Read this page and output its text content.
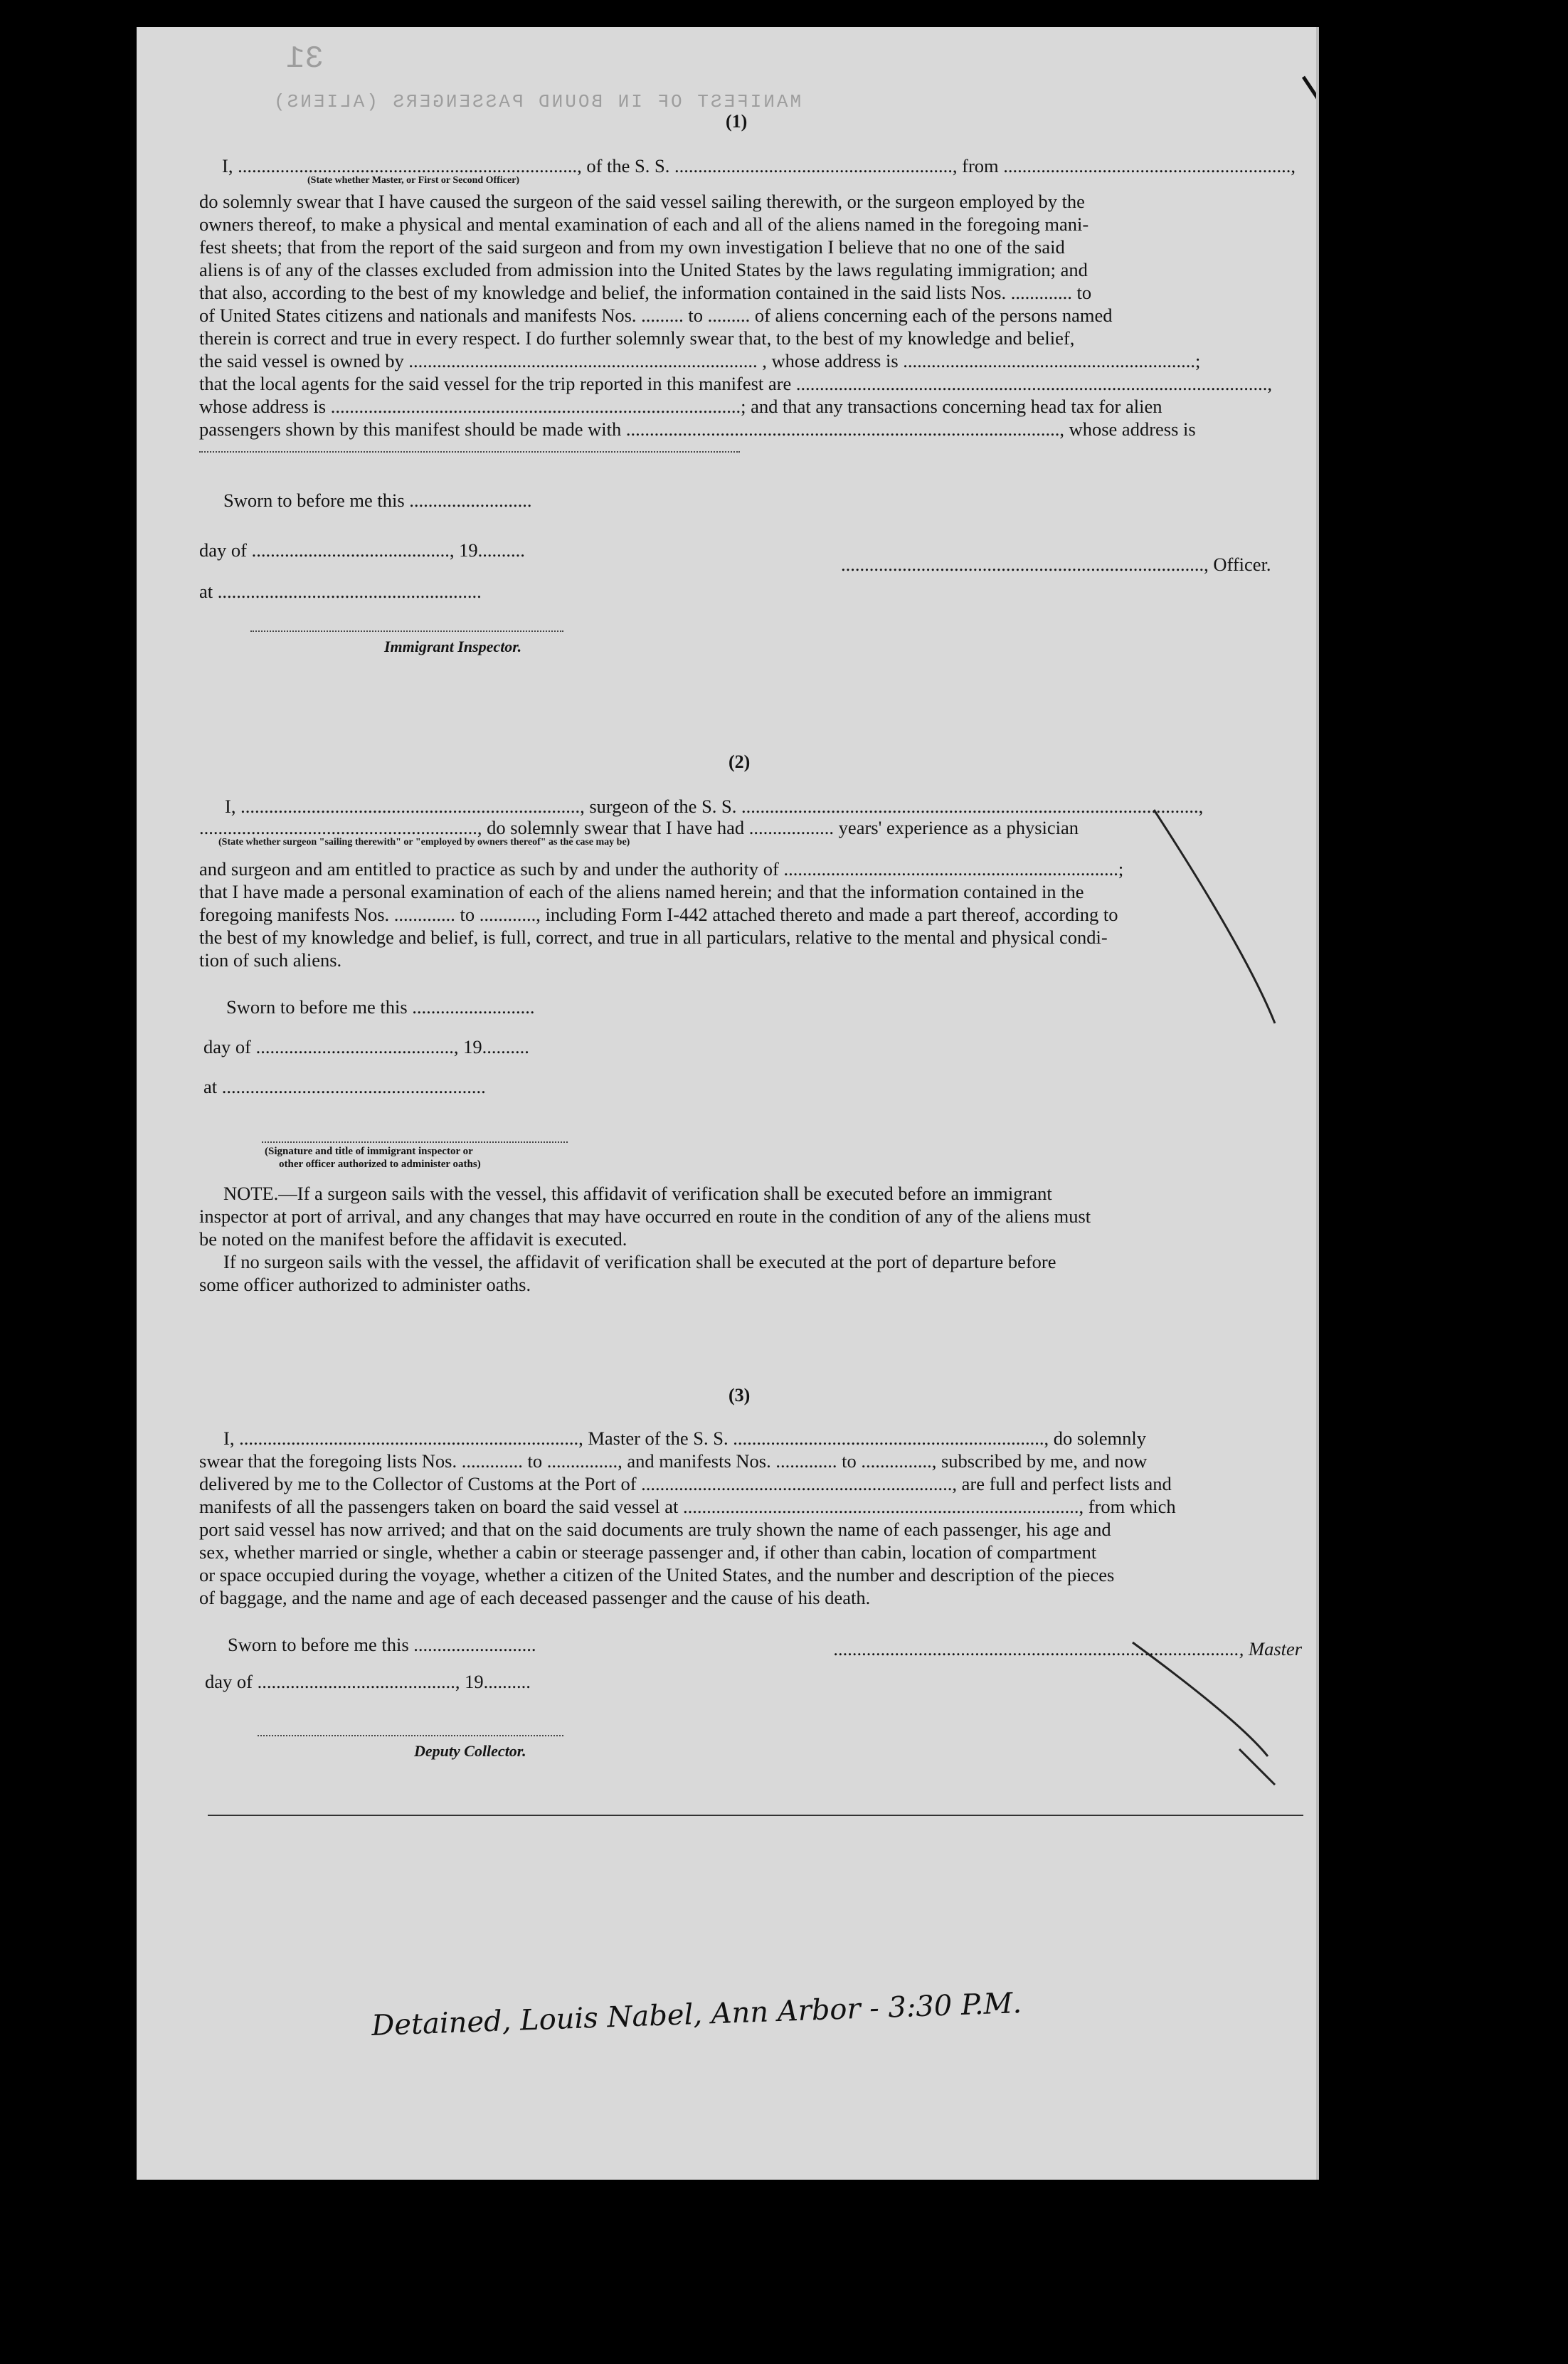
31
MANIFEST OF IN BOUND PASSENGERS (ALIENS)
(1)
I, ........................................................................, of the S. S. ..........................................................., from .............................................................,
(State whether Master, or First or Second Officer)
do solemnly swear that I have caused the surgeon of the said vessel sailing therewith, or the surgeon employed by the
owners thereof, to make a physical and mental examination of each and all of the aliens named in the foregoing mani-
fest sheets; that from the report of the said surgeon and from my own investigation I believe that no one of the said
aliens is of any of the classes excluded from admission into the United States by the laws regulating immigration; and
that also, according to the best of my knowledge and belief, the information contained in the said lists Nos. ............. to
of United States citizens and nationals and manifests Nos. ......... to ......... of aliens concerning each of the persons named
therein is correct and true in every respect. I do further solemnly swear that, to the best of my knowledge and belief,
the said vessel is owned by .......................................................................... , whose address is ..............................................................;
that the local agents for the said vessel for the trip reported in this manifest are ....................................................................................................,
whose address is .......................................................................................; and that any transactions concerning head tax for alien
passengers shown by this manifest should be made with ............................................................................................, whose address is
Sworn to before me this ..........................
day of .........................................., 19..........
............................................................................., Officer.
at ........................................................
Immigrant Inspector.
(2)
I, ........................................................................, surgeon of the S. S. .................................................................................................,
..........................................................., do solemnly swear that I have had .................. years' experience as a physician
(State whether surgeon "sailing therewith" or "employed by owners thereof" as the case may be)
and surgeon and am entitled to practice as such by and under the authority of .......................................................................;
that I have made a personal examination of each of the aliens named herein; and that the information contained in the
foregoing manifests Nos. ............. to ............, including Form I-442 attached thereto and made a part thereof, according to
the best of my knowledge and belief, is full, correct, and true in all particulars, relative to the mental and physical condi-
tion of such aliens.
Sworn to before me this ..........................
day of .........................................., 19..........
at ........................................................
(Signature and title of immigrant inspector or
other officer authorized to administer oaths)
NOTE.—If a surgeon sails with the vessel, this affidavit of verification shall be executed before an immigrant
inspector at port of arrival, and any changes that may have occurred en route in the condition of any of the aliens must
be noted on the manifest before the affidavit is executed.
If no surgeon sails with the vessel, the affidavit of verification shall be executed at the port of departure before
some officer authorized to administer oaths.
(3)
I, ........................................................................, Master of the S. S. .................................................................., do solemnly
swear that the foregoing lists Nos. ............. to ..............., and manifests Nos. ............. to ..............., subscribed by me, and now
delivered by me to the Collector of Customs at the Port of .................................................................., are full and perfect lists and
manifests of all the passengers taken on board the said vessel at ...................................................................................., from which
port said vessel has now arrived; and that on the said documents are truly shown the name of each passenger, his age and
sex, whether married or single, whether a cabin or steerage passenger and, if other than cabin, location of compartment
or space occupied during the voyage, whether a citizen of the United States, and the number and description of the pieces
of baggage, and the name and age of each deceased passenger and the cause of his death.
Sworn to before me this ..........................	......................................................................................, Master
day of .........................................., 19..........
Deputy Collector.
Detained, Louis Nabel, Ann Arbor - 3:30 P.M.
